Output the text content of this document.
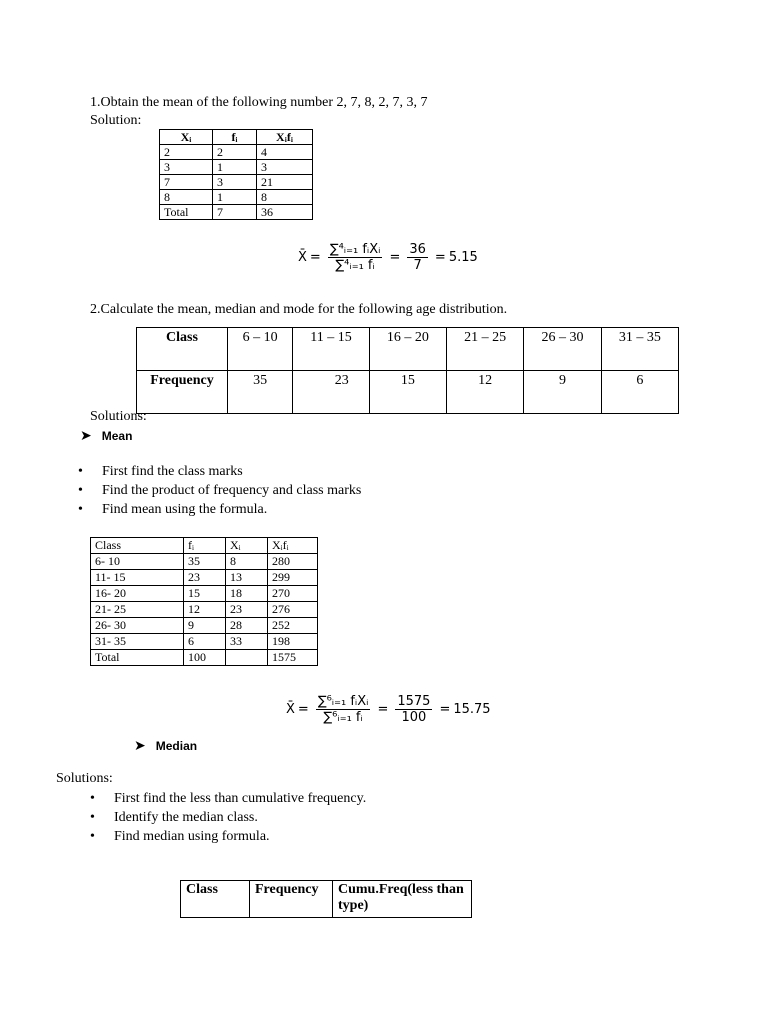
1.Obtain the mean of the following number 2, 7, 8, 2, 7, 3, 7
Solution:
Xᵢ	fᵢ	Xᵢfᵢ
2	2	4
3	1	3
7	3	21
8	1	8
Total	7	36
X̄ = $\frac{\text{∑⁴ᵢ₌₁ fᵢXᵢ}}{\text{∑⁴ᵢ₌₁ fᵢ}} = \frac{36}{7} = 5.15$
2.Calculate the mean, median and mode for the following age distribution.
Class	6 – 10	11 – 15	16 – 20	21 – 25	26 – 30	31 – 35
Frequency	35	23	15	12	9	6
Solutions:
➤ Mean
• First find the class marks
• Find the product of frequency and class marks
• Find mean using the formula.
Class	fᵢ	Xᵢ	Xᵢfᵢ
6- 10	35	8	280
11- 15	23	13	299
16- 20	15	18	270
21- 25	12	23	276
26- 30	9	28	252
31- 35	6	33	198
Total	100		1575
X̄ = $\frac{\text{∑⁶ᵢ₌₁ fᵢXᵢ}}{\text{∑⁶ᵢ₌₁ fᵢ}} = \frac{1575}{100} = 15.75$
➤ Median
Solutions:
• First find the less than cumulative frequency.
• Identify the median class.
• Find median using formula.
Class	Frequency	Cumu.Freq(less than type)
